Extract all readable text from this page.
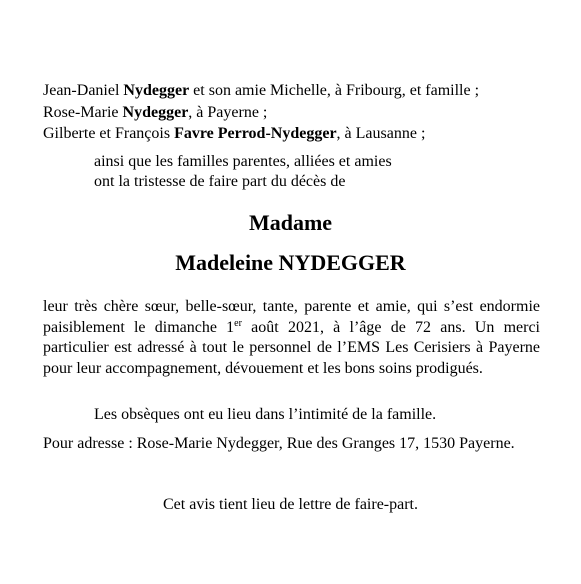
Jean-Daniel Nydegger et son amie Michelle, à Fribourg, et famille ;
Rose-Marie Nydegger, à Payerne ;
Gilberte et François Favre Perrod-Nydegger, à Lausanne ;
ainsi que les familles parentes, alliées et amies
ont la tristesse de faire part du décès de
Madame
Madeleine NYDEGGER
leur très chère sœur, belle-sœur, tante, parente et amie, qui s’est endormie paisiblement le dimanche 1er août 2021, à l’âge de 72 ans. Un merci particulier est adressé à tout le personnel de l’EMS Les Cerisiers à Payerne pour leur accompagnement, dévouement et les bons soins prodigués.
Les obsèques ont eu lieu dans l’intimité de la famille.
Pour adresse : Rose-Marie Nydegger, Rue des Granges 17, 1530 Payerne.
Cet avis tient lieu de lettre de faire-part.
